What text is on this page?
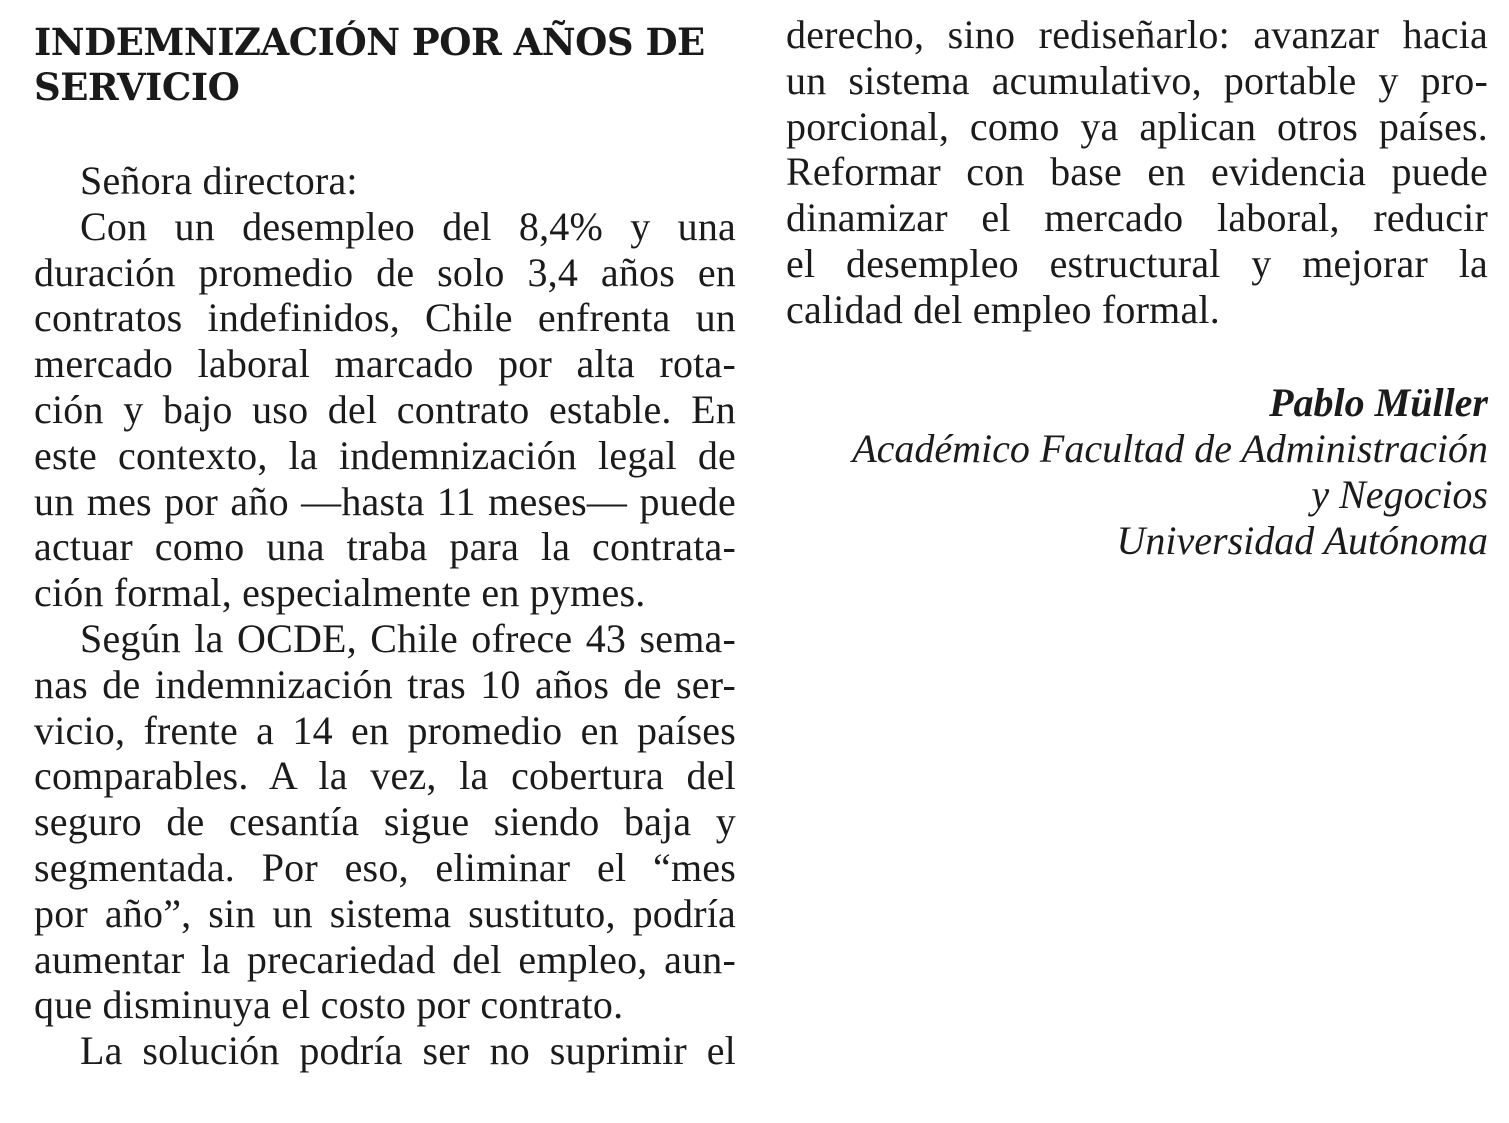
INDEMNIZACIÓN POR AÑOS DE
SERVICIO
Señora directora:
Con un desempleo del 8,4% y una
duración promedio de solo 3,4 años en
contratos indefinidos, Chile enfrenta un
mercado laboral marcado por alta rota-
ción y bajo uso del contrato estable. En
este contexto, la indemnización legal de
un mes por año —hasta 11 meses— puede
actuar como una traba para la contrata-
ción formal, especialmente en pymes.
Según la OCDE, Chile ofrece 43 sema-
nas de indemnización tras 10 años de ser-
vicio, frente a 14 en promedio en países
comparables. A la vez, la cobertura del
seguro de cesantía sigue siendo baja y
segmentada. Por eso, eliminar el “mes
por año”, sin un sistema sustituto, podría
aumentar la precariedad del empleo, aun-
que disminuya el costo por contrato.
La solución podría ser no suprimir el
derecho, sino rediseñarlo: avanzar hacia
un sistema acumulativo, portable y pro-
porcional, como ya aplican otros países.
Reformar con base en evidencia puede
dinamizar el mercado laboral, reducir
el desempleo estructural y mejorar la
calidad del empleo formal.
Pablo Müller
Académico Facultad de Administración
y Negocios
Universidad Autónoma
